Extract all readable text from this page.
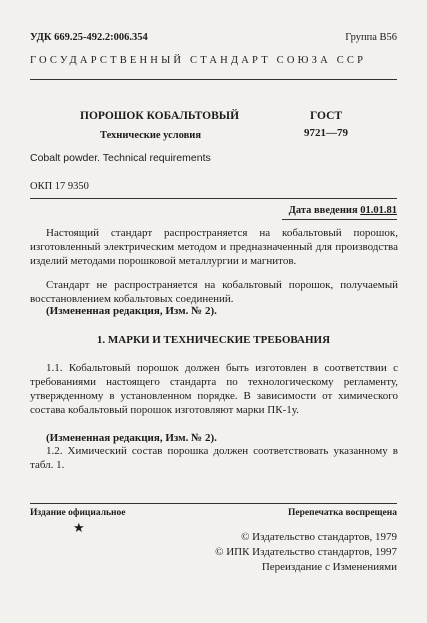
УДК 669.25-492.2:006.354	Группа В56
ГОСУДАРСТВЕННЫЙ СТАНДАРТ СОЮЗА ССР
ПОРОШОК КОБАЛЬТОВЫЙ
Технические условия
ГОСТ
9721—79
Cobalt powder. Technical requirements
ОКП 17 9350
Дата введения 01.01.81
Настоящий стандарт распространяется на кобальтовый порошок, изготовленный электрическим методом и предназначенный для производства изделий методами порошковой металлургии и магнитов.
Стандарт не распространяется на кобальтовый порошок, получаемый восстановлением кобальтовых соединений.
(Измененная редакция, Изм. № 2).
1. МАРКИ И ТЕХНИЧЕСКИЕ ТРЕБОВАНИЯ
1.1. Кобальтовый порошок должен быть изготовлен в соответствии с требованиями настоящего стандарта по технологическому регламенту, утвержденному в установленном порядке. В зависимости от химического состава кобальтовый порошок изготовляют марки ПК-1у.
(Измененная редакция, Изм. № 2).
1.2. Химический состав порошка должен соответствовать указанному в табл. 1.
Издание официальное	Перепечатка воспрещена
★
© Издательство стандартов, 1979
© ИПК Издательство стандартов, 1997
Переиздание с Изменениями
